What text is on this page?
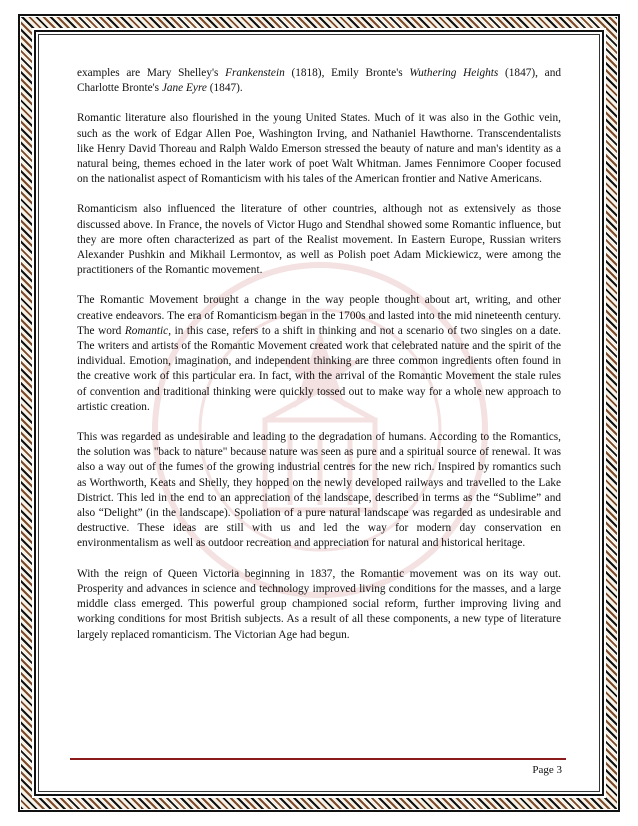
examples are Mary Shelley's Frankenstein (1818), Emily Bronte's Wuthering Heights (1847), and Charlotte Bronte's Jane Eyre (1847).

Romantic literature also flourished in the young United States. Much of it was also in the Gothic vein, such as the work of Edgar Allen Poe, Washington Irving, and Nathaniel Hawthorne. Transcendentalists like Henry David Thoreau and Ralph Waldo Emerson stressed the beauty of nature and man's identity as a natural being, themes echoed in the later work of poet Walt Whitman. James Fennimore Cooper focused on the nationalist aspect of Romanticism with his tales of the American frontier and Native Americans.

Romanticism also influenced the literature of other countries, although not as extensively as those discussed above. In France, the novels of Victor Hugo and Stendhal showed some Romantic influence, but they are more often characterized as part of the Realist movement. In Eastern Europe, Russian writers Alexander Pushkin and Mikhail Lermontov, as well as Polish poet Adam Mickiewicz, were among the practitioners of the Romantic movement.

The Romantic Movement brought a change in the way people thought about art, writing, and other creative endeavors. The era of Romanticism began in the 1700s and lasted into the mid nineteenth century. The word Romantic, in this case, refers to a shift in thinking and not a scenario of two singles on a date. The writers and artists of the Romantic Movement created work that celebrated nature and the spirit of the individual. Emotion, imagination, and independent thinking are three common ingredients often found in the creative work of this particular era. In fact, with the arrival of the Romantic Movement the stale rules of convention and traditional thinking were quickly tossed out to make way for a whole new approach to artistic creation.

This was regarded as undesirable and leading to the degradation of humans. According to the Romantics, the solution was "back to nature" because nature was seen as pure and a spiritual source of renewal. It was also a way out of the fumes of the growing industrial centres for the new rich. Inspired by romantics such as Worthworth, Keats and Shelly, they hopped on the newly developed railways and travelled to the Lake District. This led in the end to an appreciation of the landscape, described in terms as the “Sublime” and also “Delight” (in the landscape). Spoliation of a pure natural landscape was regarded as undesirable and destructive. These ideas are still with us and led the way for modern day conservation en environmentalism as well as outdoor recreation and appreciation for natural and historical heritage.

With the reign of Queen Victoria beginning in 1837, the Romantic movement was on its way out. Prosperity and advances in science and technology improved living conditions for the masses, and a large middle class emerged. This powerful group championed social reform, further improving living and working conditions for most British subjects. As a result of all these components, a new type of literature largely replaced romanticism. The Victorian Age had begun.

Page 3
